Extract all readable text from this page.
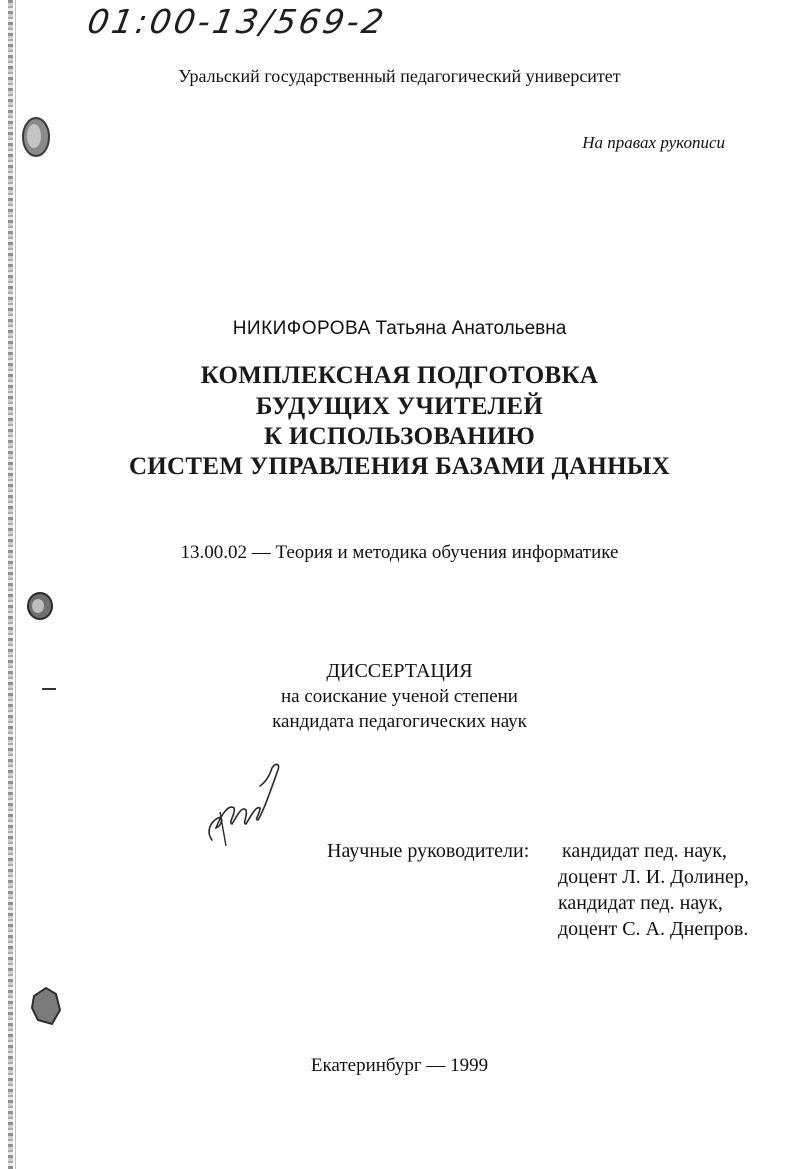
01:00-13/569-2
Уральский государственный педагогический университет
На правах рукописи
НИКИФОРОВА Татьяна Анатольевна
КОМПЛЕКСНАЯ ПОДГОТОВКА
БУДУЩИХ УЧИТЕЛЕЙ
К ИСПОЛЬЗОВАНИЮ
СИСТЕМ УПРАВЛЕНИЯ БАЗАМИ ДАННЫХ
13.00.02 — Теория и методика обучения информатике
ДИССЕРТАЦИЯ
на соискание ученой степени
кандидата педагогических наук
Научные руководители: кандидат пед. наук,
доцент Л. И. Долинер,
кандидат пед. наук,
доцент С. А. Днепров.
Екатеринбург — 1999
